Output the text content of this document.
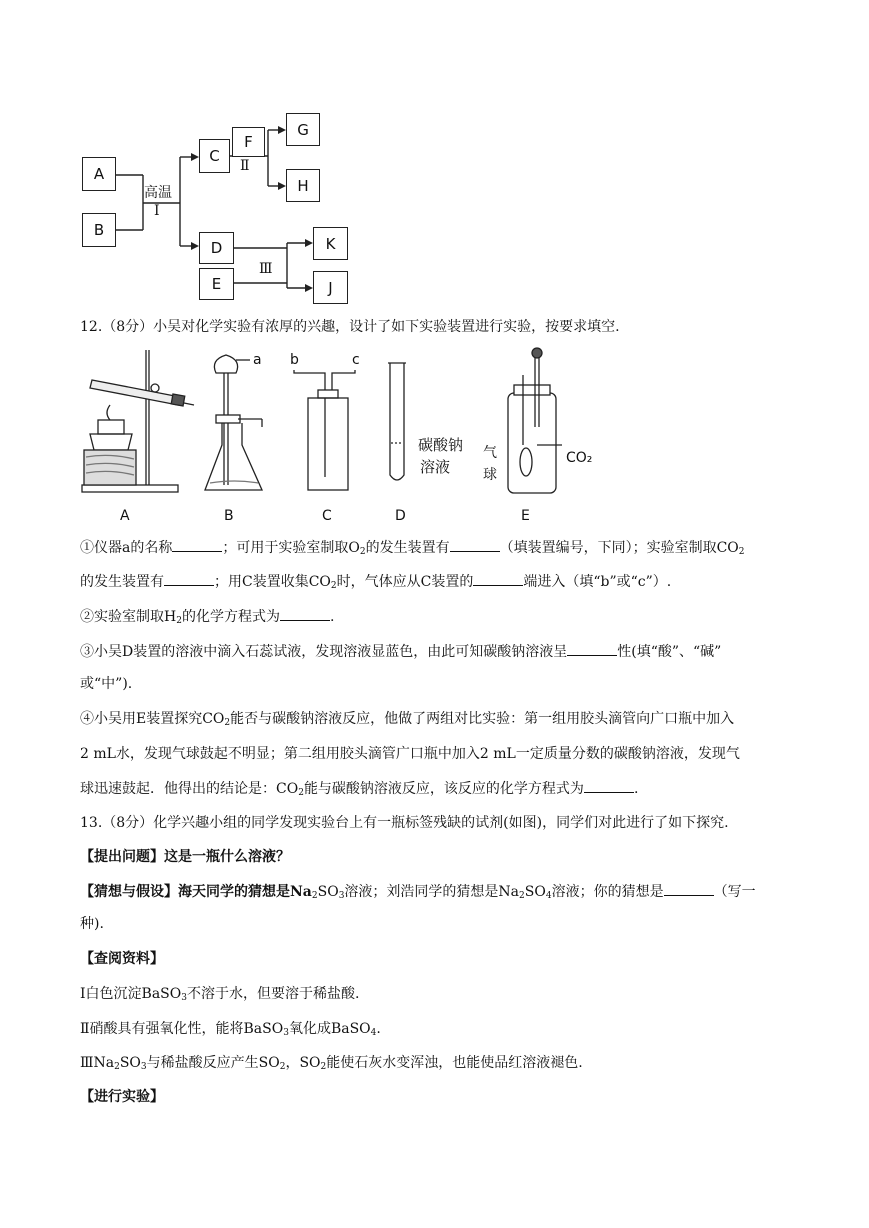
A
B
高温
Ⅰ
C
F
Ⅱ
G
H
D
E
Ⅲ
K
J
12.（8分）小吴对化学实验有浓厚的兴趣，设计了如下实验装置进行实验，按要求填空.
a b	c
碳酸钠
溶液
气
球
CO₂
A	B	C	D	E
①仪器a的名称	；可用于实验室制取$O_2$的发生装置有	（填装置编号，下同）；实验室制取$CO_2$
的发生装置有	；用C装置收集$CO_2$时，气体应从C装置的	端进入（填“b”或“c”）.
②实验室制取$H_2$的化学方程式为	.
③小吴D装置的溶液中滴入石蕊试液，发现溶液显蓝色，由此可知碳酸钠溶液呈	性(填“酸”、“碱”
或“中”).
④小吴用E装置探究$CO_2$能否与碳酸钠溶液反应，他做了两组对比实验：第一组用胶头滴管向广口瓶中加入
2 mL水，发现气球鼓起不明显；第二组用胶头滴管广口瓶中加入2 mL一定质量分数的碳酸钠溶液，发现气
球迅速鼓起．他得出的结论是：$CO_2$能与碳酸钠溶液反应，该反应的化学方程式为	.
13.（8分）化学兴趣小组的同学发现实验台上有一瓶标签残缺的试剂(如图)，同学们对此进行了如下探究.
【提出问题】这是一瓶什么溶液？
【猜想与假设】海天同学的猜想是$Na_2SO_3$溶液；刘浩同学的猜想是$Na_2SO_4$溶液；你的猜想是	（写一
种).
【查阅资料】
Ⅰ白色沉淀BaSO$_3$不溶于水，但要溶于稀盐酸.
Ⅱ硝酸具有强氧化性，能将BaSO$_3$氧化成BaSO$_4$.
$ⅢNa_2SO_3$与稀盐酸反应产生$SO_2$，$SO_2$能使石灰水变浑浊，也能使品红溶液褪色.
【进行实验】
